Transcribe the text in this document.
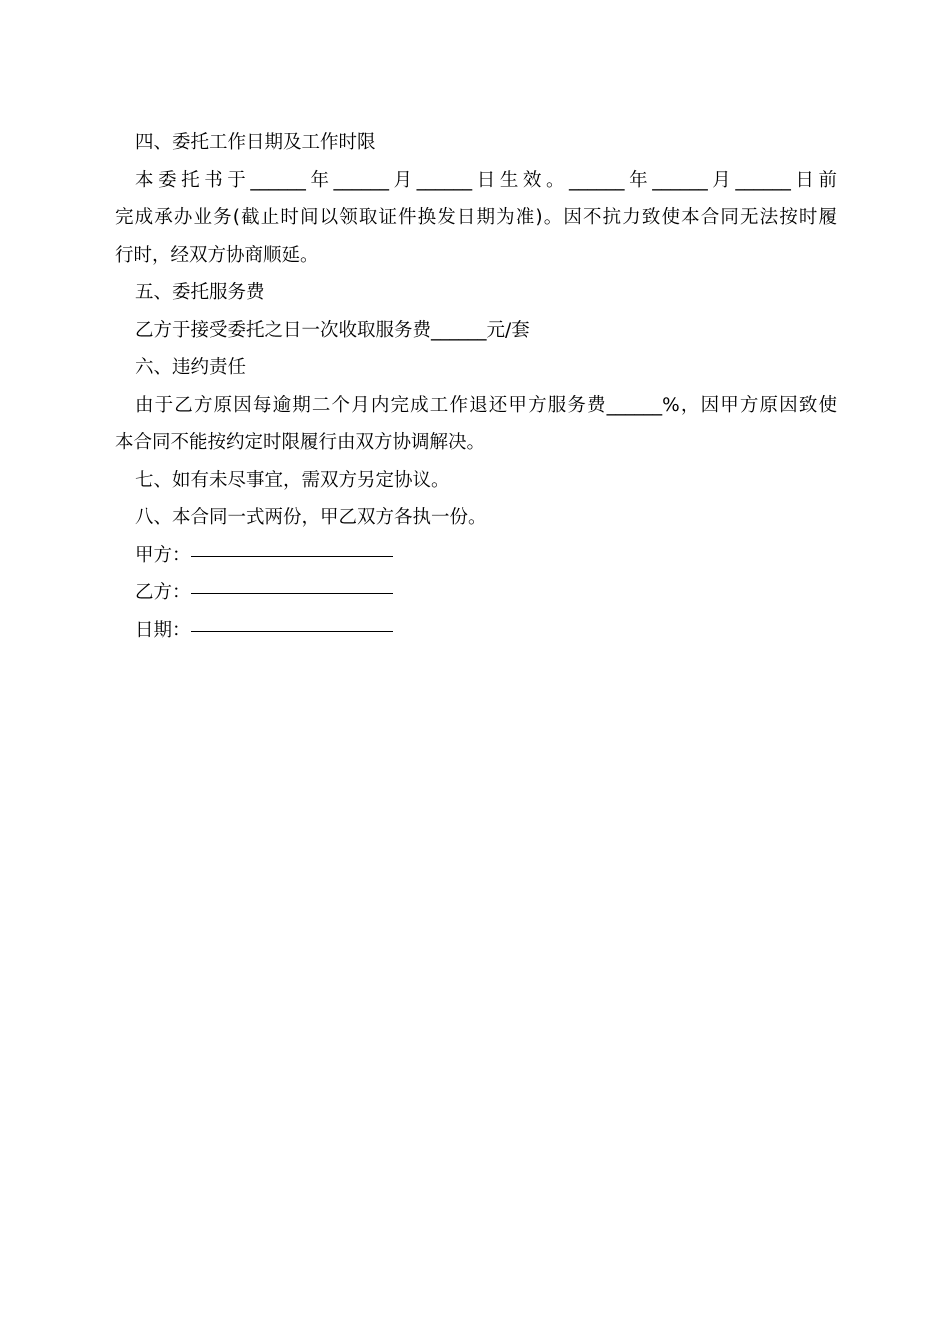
四、委托工作日期及工作时限
本委托书于______年______月______日生效。______年______月______日前
完成承办业务(截止时间以领取证件换发日期为准)。因不抗力致使本合同无法按时履
行时，经双方协商顺延。
五、委托服务费
乙方于接受委托之日一次收取服务费______元/套
六、违约责任
由于乙方原因每逾期二个月内完成工作退还甲方服务费______%，因甲方原因致使
本合同不能按约定时限履行由双方协调解决。
七、如有未尽事宜，需双方另定协议。
八、本合同一式两份，甲乙双方各执一份。
甲方：
乙方：
日期：
